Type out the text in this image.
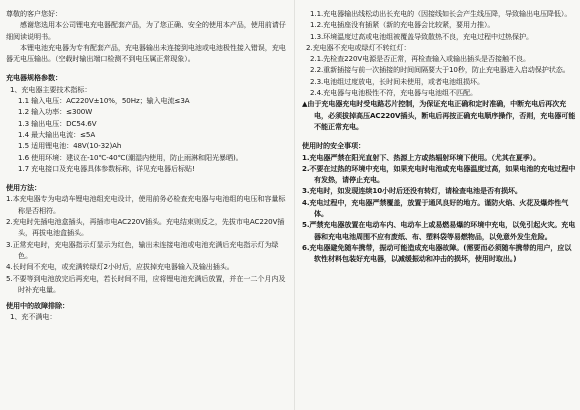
尊敬的客户您好：

感谢您选用本公司锂电充电器配套产品，为了您正确、安全的使用本产品，使用前请仔细阅读说明书。

本锂电池充电器为专有配套产品，充电器输出未连接到电池或电池极性接入错误，充电器无电压输出。（空载时输出端口检测不到电压属正常现象）。

充电器规格参数：

1、充电器主要技术指标：

1.1 输入电压：AC220V±10%，50Hz；输入电流≤3A

1.2 输入功率：≤300W

1.3 输出电压：DC54.6V

1.4 最大输出电流：≤5A

1.5 适用锂电池：48V(10-32)Ah

1.6 使用环境：建议在-10℃-40℃(潮湿内使用，防止雨淋和阳光暴晒)。

1.7 充电接口及充电器具体参数标称，详见充电器后标贴!

使用方法：

1.本充电器专为电动车锂电池组充电设计，使用前务必检查充电器与电池组的电压和容量标称是否相符。

2.充电时先插电池盒插头，再插市电AC220V插头。充电结束则反之，先拔市电AC220V插头，再拔电池盒插头。

3.正常充电时，充电器指示灯显示为红色，输出未连接电池或电池充满后充电指示灯为绿色。

4.长时间不充电，或充满转绿灯2小时后，应拔掉充电器输入及输出插头。

5.不要等到电池放完后再充电，若长时间不用，应将锂电池充满后放置，并在一二个月内及时补充电量。

使用中的故障排除：

1、充不满电：

1.1.充电器输出线松动出长充电的（因接线如长会产生线压降，导致输出电压降低）。

1.2.充电插座没有插紧（新的充电器会比较紧，要用力推）。

1.3.环境温度过高或电池组被覆盖导致散热不良，充电过程中过热保护。

2.充电器不充电或绿灯不转红灯：

2.1.先检查220V电源是否正常，再检查输入或输出插头是否接触不良。

2.2.重新插接与前一次插接的时间间隔要大于10秒，防止充电器进入启动保护状态。

2.3.电池组过度放电，长时间未使用，或者电池组损坏。

2.4.充电器与电池极性不符，充电器与电池组不匹配。

▲由于充电器充电时受电路芯片控制，为保证充电正确和定时准确，中断充电后再次充电，必须拔掉高压AC220V插头，断电后再按正确充电顺序操作，否则，充电器可能不能正常充电。

使用时的安全事项：

1.充电器严禁在阳光直射下、热源上方或热辐射环境下使用。（尤其在夏季）。

2.不要在过热的环境中充电，如果充电时电池或充电器温度过高，如果电池的充电过程中有发热，请停止充电。

3.充电时，如发现连续10小时后还没有转灯，请检查电池是否有损坏。

4.充电过程中，充电器严禁覆盖，放置于通风良好的地方。谨防火焰、火花及爆炸性气体。

5.严禁充电器放置在电动车内、电动车上或易燃易爆的环境中充电，以免引起火灾。充电器和充电电池周围不应有废纸、布、塑料袋等易燃物品，以免意外发生危险。

6.充电器避免随车携带，振动可能造成充电器故障。(需要而必须随车携带的用户，应以软性材料包装好充电器，以减缓振动和冲击的损坏，使用时取出。)
